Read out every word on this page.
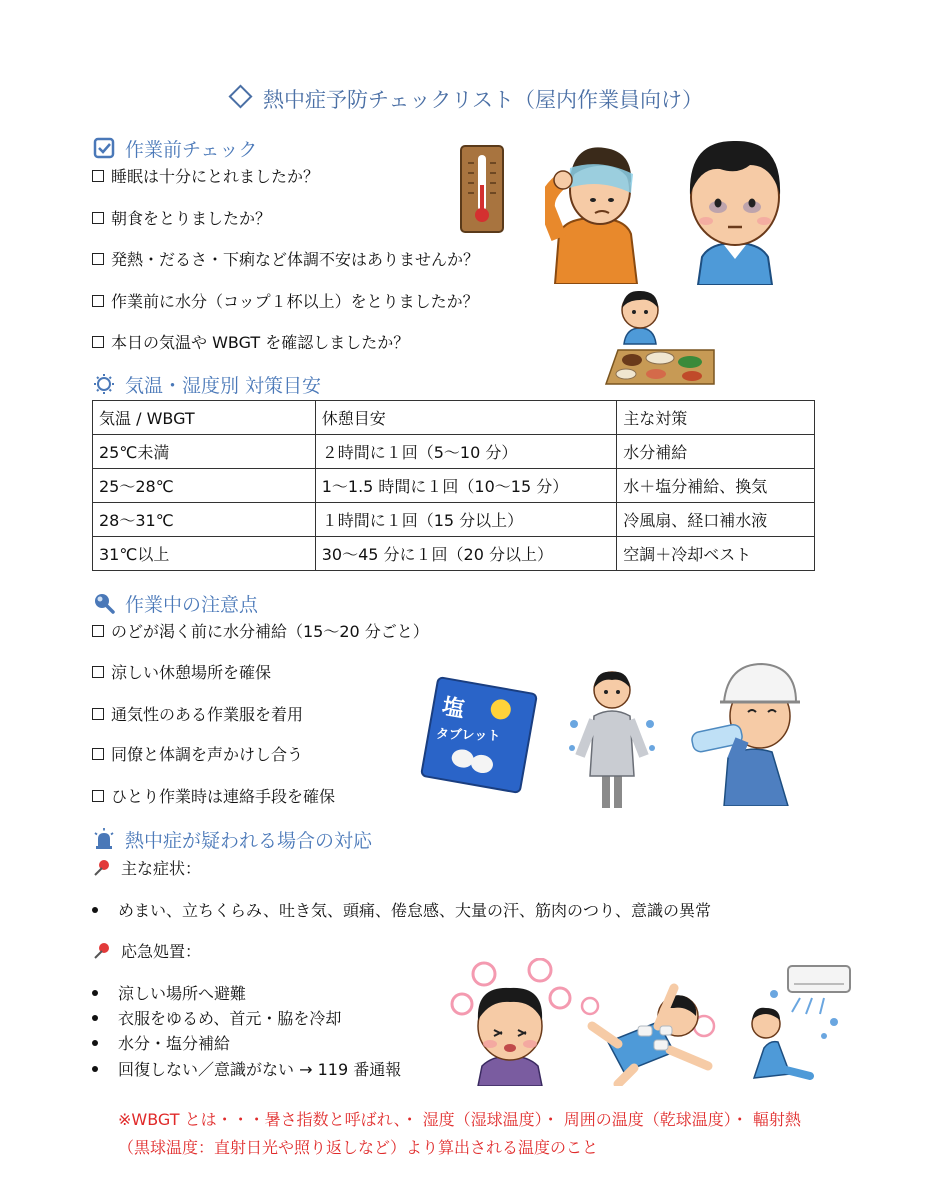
熱中症予防チェックリスト（屋内作業員向け）
作業前チェック
睡眠は十分にとれましたか？
朝食をとりましたか？
発熱・だるさ・下痢など体調不安はありませんか？
作業前に水分（コップ１杯以上）をとりましたか？
本日の気温や WBGT を確認しましたか？
気温・湿度別 対策目安
気温 / WBGT	休憩目安	主な対策
25℃未満	２時間に１回（5〜10 分）	水分補給
25〜28℃	1〜1.5 時間に１回（10〜15 分）	水＋塩分補給、換気
28〜31℃	１時間に１回（15 分以上）	冷風扇、経口補水液
31℃以上	30〜45 分に１回（20 分以上）	空調＋冷却ベスト
作業中の注意点
のどが渇く前に水分補給（15〜20 分ごと）
涼しい休憩場所を確保
通気性のある作業服を着用
同僚と体調を声かけし合う
ひとり作業時は連絡手段を確保
塩
タブレット
熱中症が疑われる場合の対応
主な症状：
めまい、立ちくらみ、吐き気、頭痛、倦怠感、大量の汗、筋肉のつり、意識の異常
応急処置：
涼しい場所へ避難
衣服をゆるめ、首元・脇を冷却
水分・塩分補給
回復しない／意識がない → 119 番通報
※WBGT とは・・・暑さ指数と呼ばれ、・ 湿度（湿球温度）・ 周囲の温度（乾球温度）・ 輻射熱（黒球温度：直射日光や照り返しなど）より算出される温度のこと
